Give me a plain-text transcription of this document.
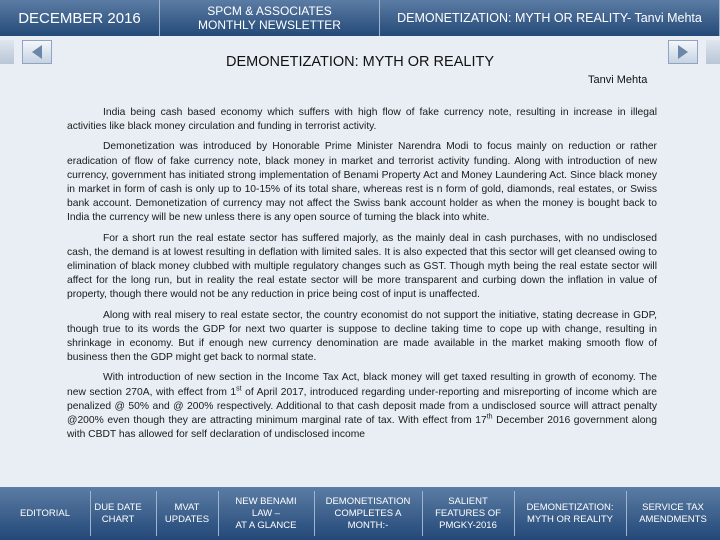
DECEMBER 2016	SPCM & ASSOCIATES
MONTHLY NEWSLETTER	DEMONETIZATION: MYTH OR REALITY- Tanvi Mehta
DEMONETIZATION: MYTH OR REALITY
Tanvi Mehta

India being cash based economy which suffers with high flow of fake currency note, resulting in increase in illegal activities like black money circulation and funding in terrorist activity.

Demonetization was introduced by Honorable Prime Minister Narendra Modi to focus mainly on reduction or rather eradication of flow of fake currency note, black money in market and terrorist activity funding. Along with introduction of new currency, government has initiated strong implementation of Benami Property Act and Money Laundering Act. Since black money in market in form of cash is only up to 10-15% of its total share, whereas rest is n form of gold, diamonds, real estates, or Swiss bank account. Demonetization of currency may not affect the Swiss bank account holder as when the money is bought back to India the currency will be new unless there is any open source of turning the black into white.

For a short run the real estate sector has suffered majorly, as the mainly deal in cash purchases, with no undisclosed cash, the demand is at lowest resulting in deflation with limited sales. It is also expected that this sector will get cleansed owing to elimination of black money clubbed with multiple regulatory changes such as GST. Though myth being the real estate sector will affect for the long run, but in reality the real estate sector will be more transparent and curbing down the inflation in value of property, though there would not be any reduction in price being cost of input is unaffected.

Along with real misery to real estate sector, the country economist do not support the initiative, stating decrease in GDP, though true to its words the GDP for next two quarter is suppose to decline taking time to cope up with change, resulting in shrinkage in economy. But if enough new currency denomination are made available in the market making smooth flow of business then the GDP might get back to normal state.

With introduction of new section in the Income Tax Act, black money will get taxed resulting in growth of economy. The new section 270A, with effect from 1st of April 2017, introduced regarding under-reporting and misreporting of income which are penalized @ 50% and @ 200% respectively. Additional to that cash deposit made from a undisclosed source will attract penalty @200% even though they are attracting minimum marginal rate of tax. With effect from 17th December 2016 government along with CBDT has allowed for self declaration of undisclosed income

EDITORIAL
DUE DATE
CHART
MVAT
UPDATES
NEW BENAMI
LAW –
AT A GLANCE
DEMONETISATION
COMPLETES A
MONTH:-
SALIENT
FEATURES OF
PMGKY-2016
DEMONETIZATION:
MYTH OR REALITY
SERVICE TAX
AMENDMENTS
